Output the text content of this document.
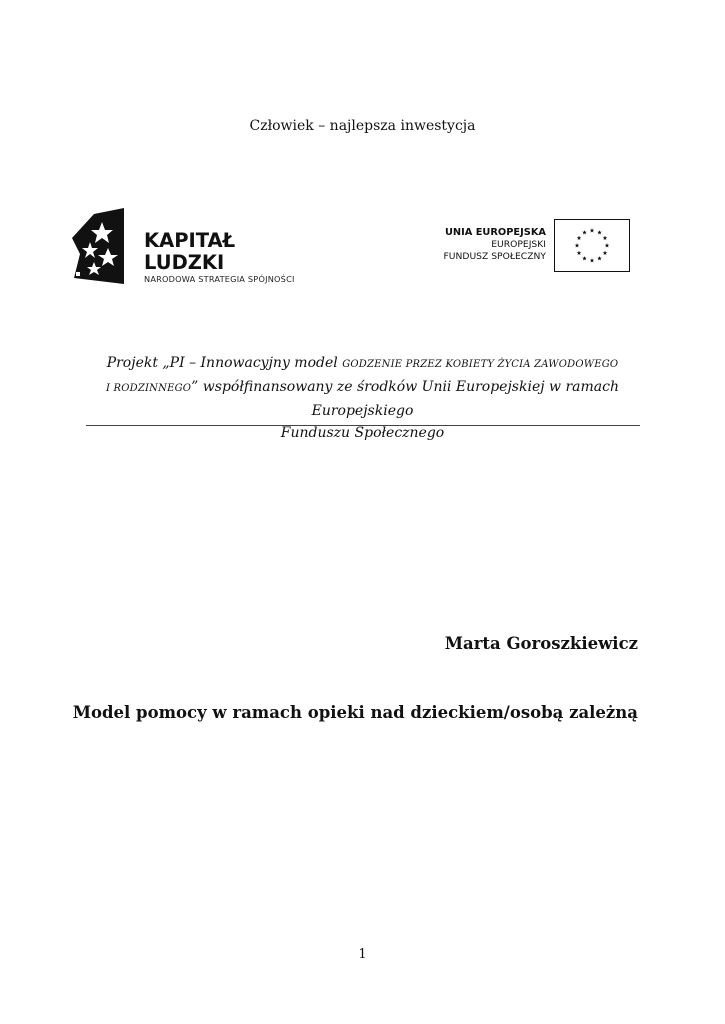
Człowiek – najlepsza inwestycja
KAPITAŁ LUDZKI
NARODOWA STRATEGIA SPÓJNOŚCI
UNIA EUROPEJSKA
EUROPEJSKI
FUNDUSZ SPOŁECZNY
Projekt „PI – Innowacyjny model GODZENIE PRZEZ KOBIETY ŻYCIA ZAWODOWEGO
I RODZINNEGO” współfinansowany ze środków Unii Europejskiej w ramach Europejskiego
Funduszu Społecznego
Marta Goroszkiewicz
Model pomocy w ramach opieki nad dzieckiem/osobą zależną
1
